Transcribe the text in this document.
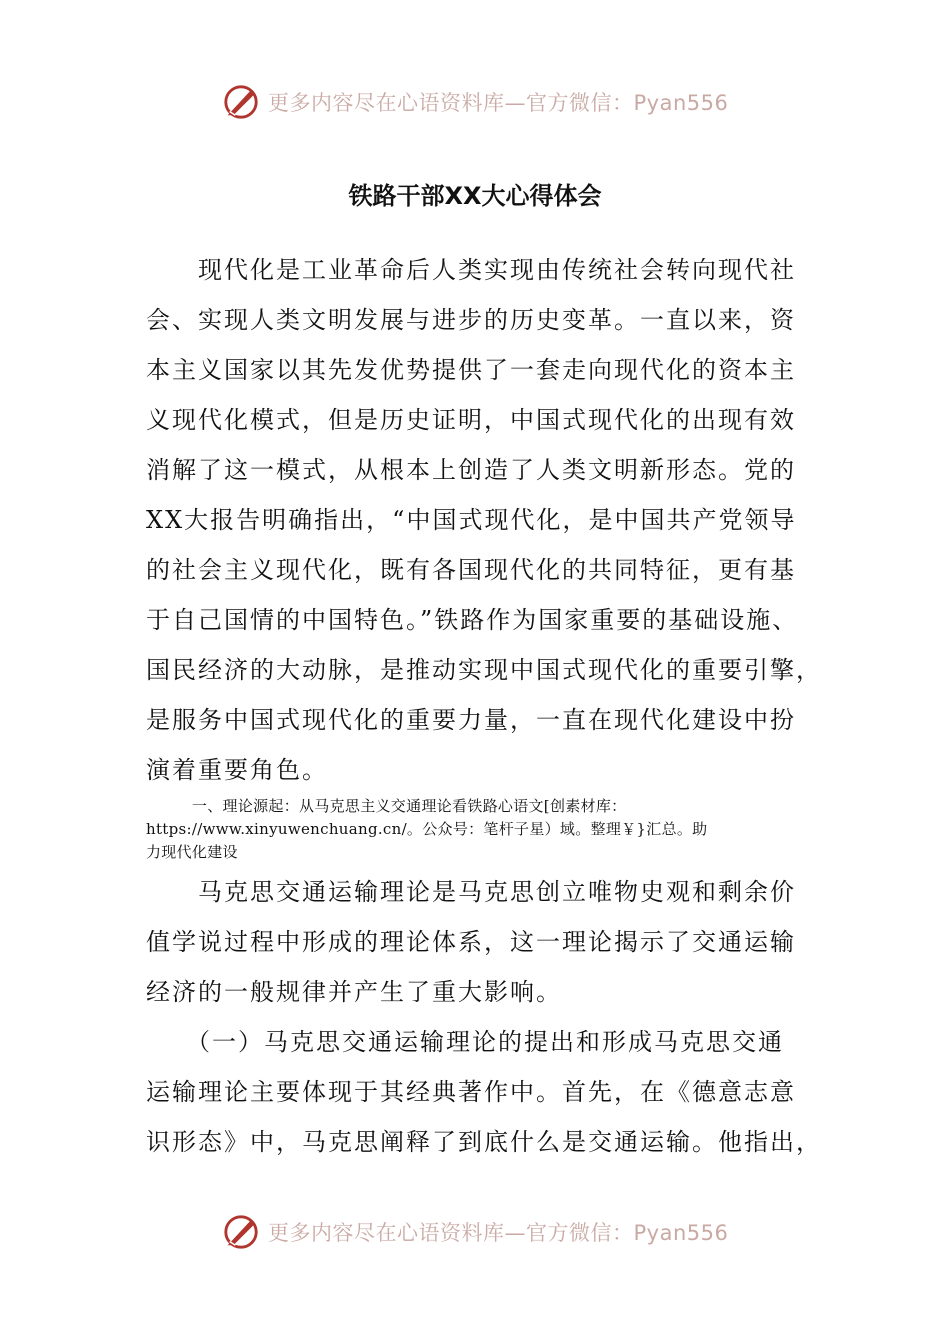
更多内容尽在心语资料库—官方微信：Pyan556
铁路干部XX大心得体会
　　现代化是工业革命后人类实现由传统社会转向现代社
会、实现人类文明发展与进步的历史变革。一直以来，资
本主义国家以其先发优势提供了一套走向现代化的资本主
义现代化模式，但是历史证明，中国式现代化的出现有效
消解了这一模式，从根本上创造了人类文明新形态。党的
XX大报告明确指出，“中国式现代化，是中国共产党领导
的社会主义现代化，既有各国现代化的共同特征，更有基
于自己国情的中国特色。”铁路作为国家重要的基础设施、
国民经济的大动脉，是推动实现中国式现代化的重要引擎，
是服务中国式现代化的重要力量，一直在现代化建设中扮
演着重要角色。
　　　一、理论源起：从马克思主义交通理论看铁路心语文[创素材库：
https://www.xinyuwenchuang.cn/。公众号：笔杆子星）域。整理￥}汇总。助
力现代化建设
　　马克思交通运输理论是马克思创立唯物史观和剩余价
值学说过程中形成的理论体系，这一理论揭示了交通运输
经济的一般规律并产生了重大影响。
　　（一）马克思交通运输理论的提出和形成马克思交通
运输理论主要体现于其经典著作中。首先，在《德意志意
识形态》中，马克思阐释了到底什么是交通运输。他指出，
更多内容尽在心语资料库—官方微信：Pyan556
